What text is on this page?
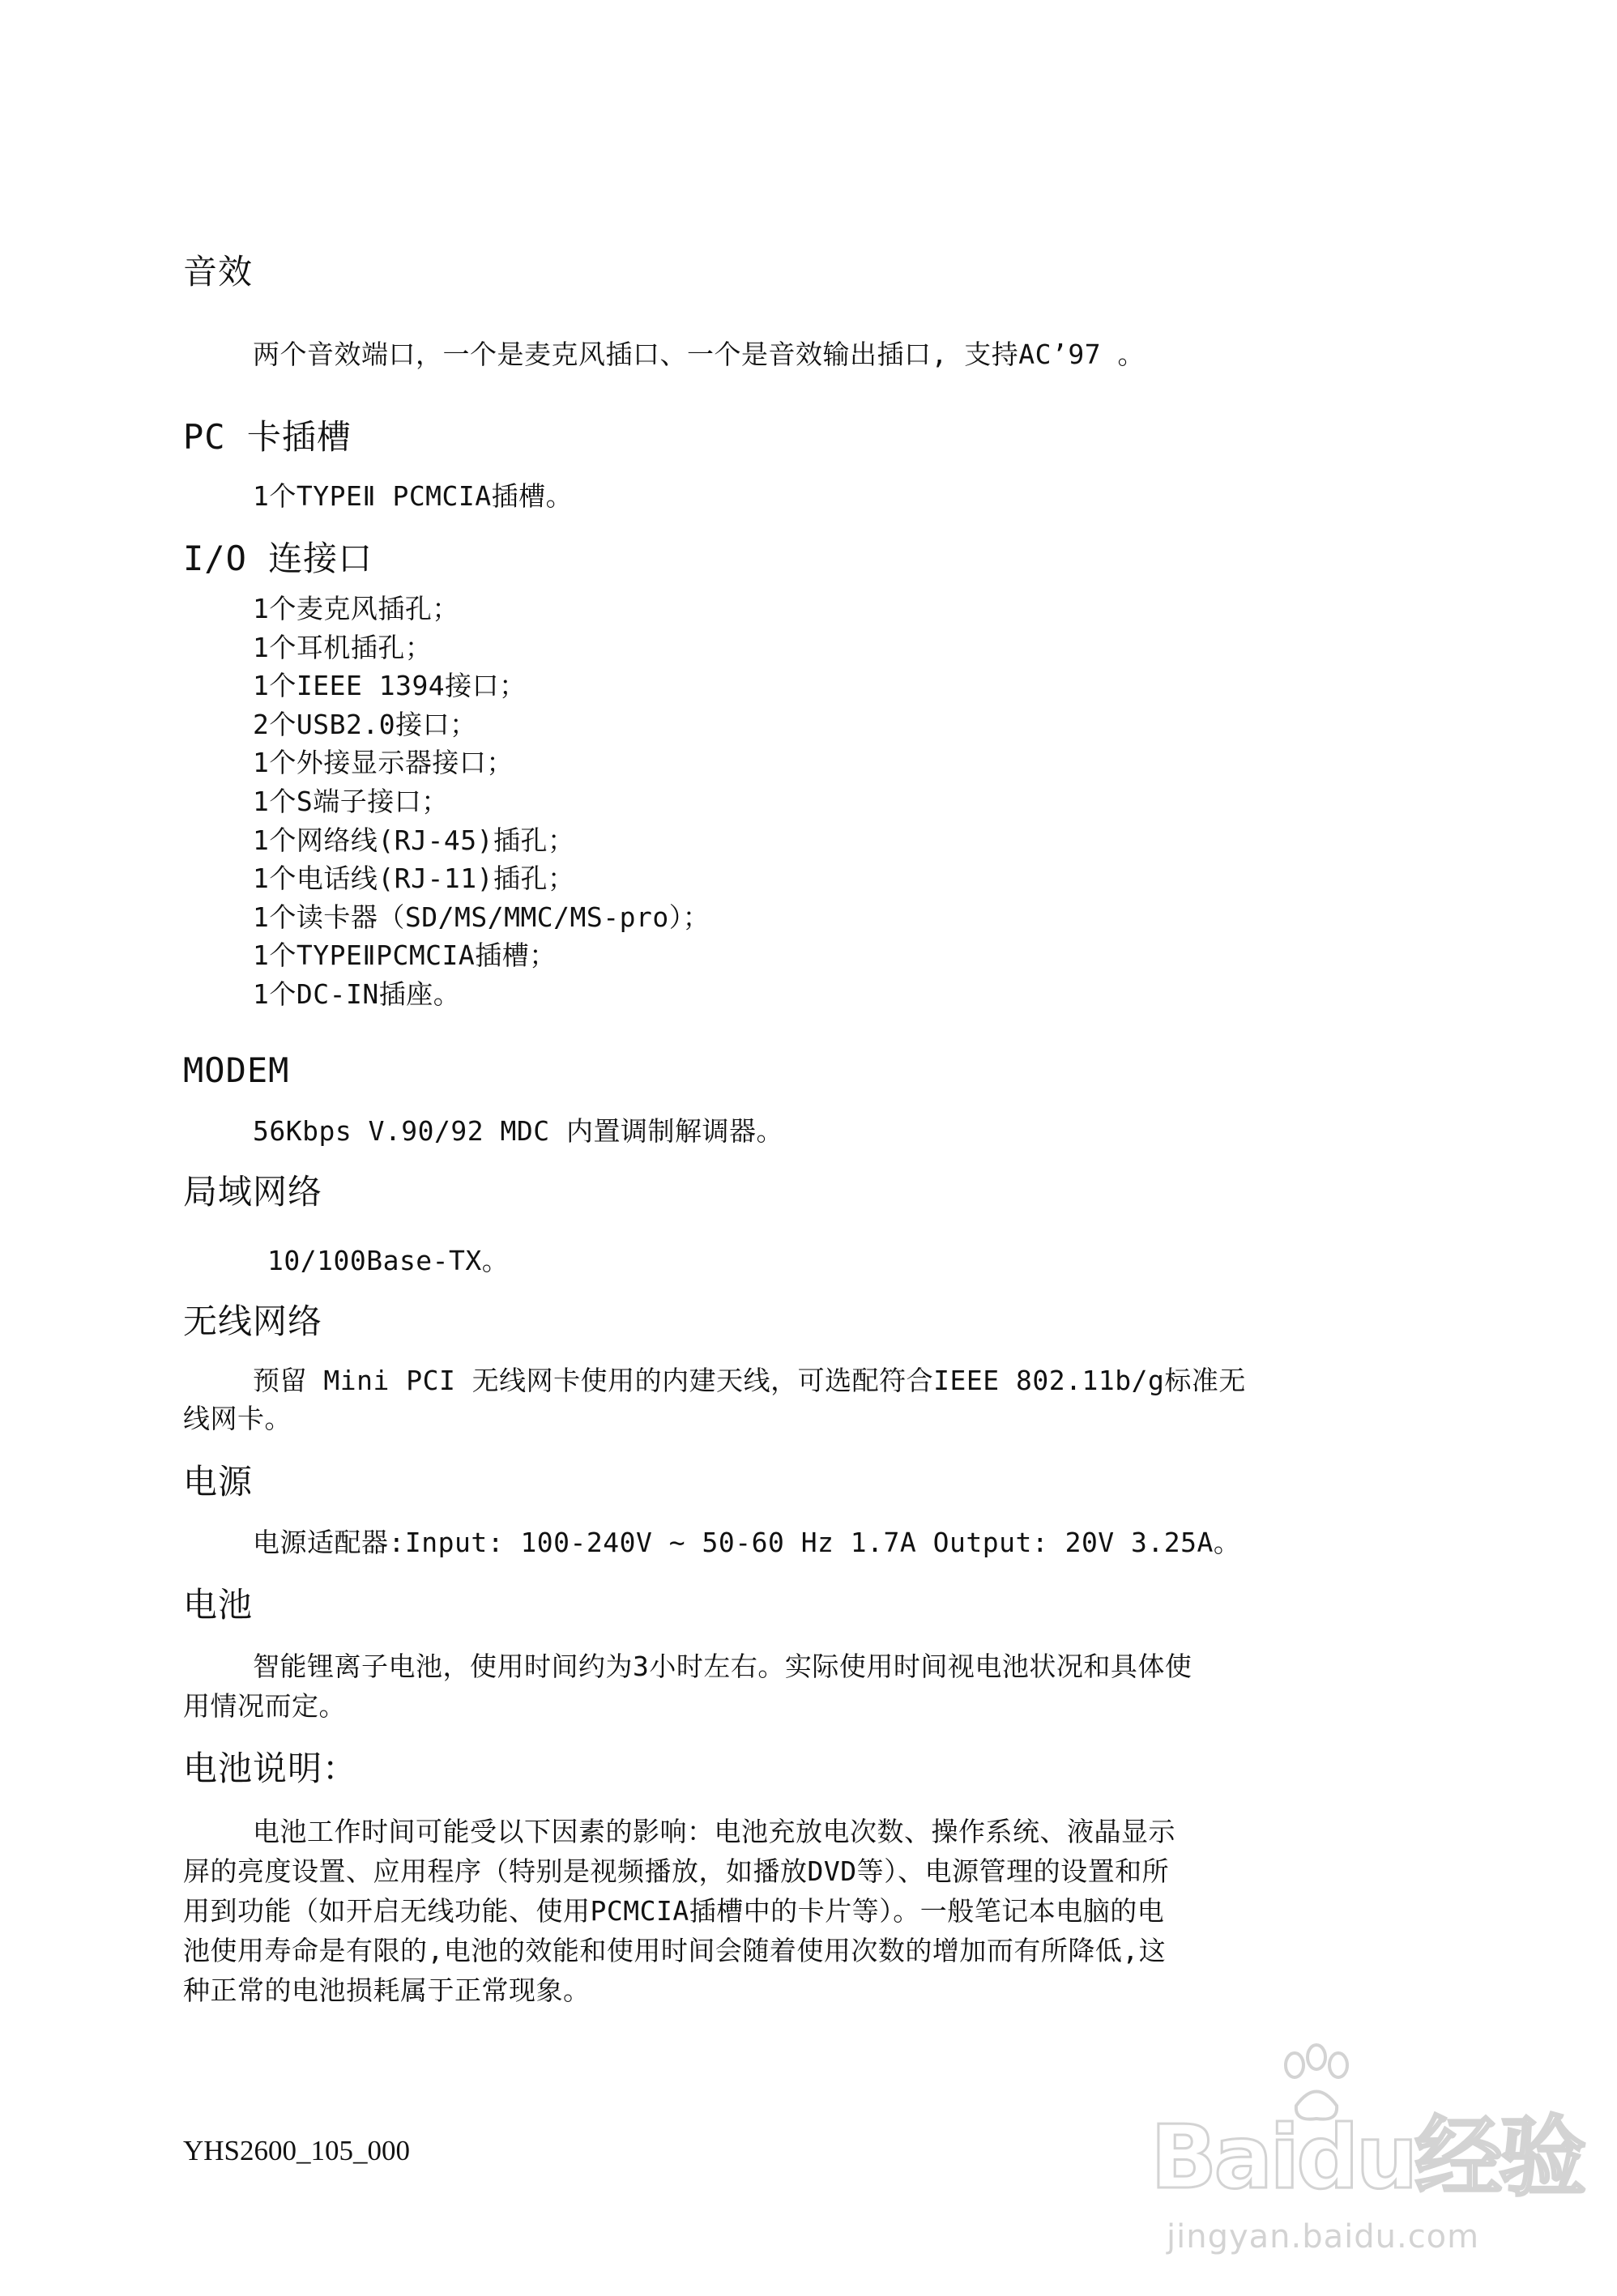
音效
两个音效端口，一个是麦克风插口、一个是音效输出插口, 支持AC’97 。
PC 卡插槽
1个TYPEⅡ PCMCIA插槽。
I/O 连接口
1个麦克风插孔；
1个耳机插孔；
1个IEEE 1394接口；
2个USB2.0接口；
1个外接显示器接口；
1个S端子接口；
1个网络线(RJ-45)插孔；
1个电话线(RJ-11)插孔；
1个读卡器（SD/MS/MMC/MS-pro）；
1个TYPEⅡPCMCIA插槽；
1个DC-IN插座。
MODEM
56Kbps V.90/92 MDC 内置调制解调器。
局域网络
10/100Base-TX。
无线网络
预留 Mini PCI 无线网卡使用的内建天线，可选配符合IEEE 802.11b/g标准无
线网卡。
电源
电源适配器:Input: 100-240V ~ 50-60 Hz 1.7A Output: 20V 3.25A。
电池
智能锂离子电池，使用时间约为3小时左右。实际使用时间视电池状况和具体使
用情况而定。
电池说明：
电池工作时间可能受以下因素的影响：电池充放电次数、操作系统、液晶显示
屏的亮度设置、应用程序（特别是视频播放，如播放DVD等）、电源管理的设置和所
用到功能（如开启无线功能、使用PCMCIA插槽中的卡片等）。一般笔记本电脑的电
池使用寿命是有限的,电池的效能和使用时间会随着使用次数的增加而有所降低,这
种正常的电池损耗属于正常现象。
YHS2600_105_000	Baidu经验
jingyan.baidu.com
